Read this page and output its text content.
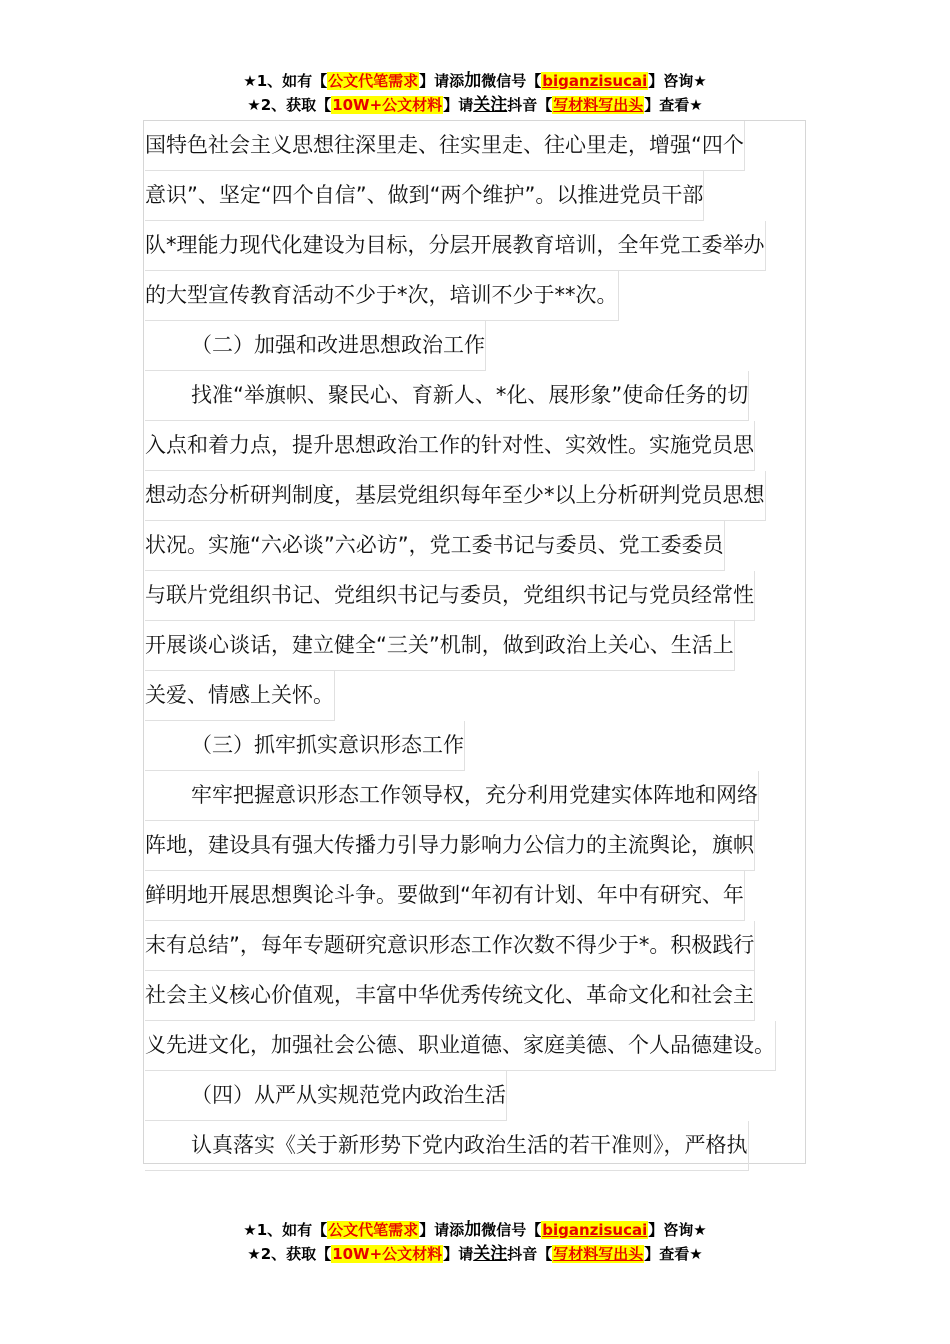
★1、如有【公文代笔需求】请添加微信号【biganzisucai】咨询★
★2、获取【10W+公文材料】请关注抖音【写材料写出头】查看★
国特色社会主义思想往深里走、往实里走、往心里走，增强“四个
意识”、坚定“四个自信”、做到“两个维护”。以推进党员干部
队*理能力现代化建设为目标，分层开展教育培训，全年党工委举办
的大型宣传教育活动不少于*次，培训不少于**次。
（二）加强和改进思想政治工作
找准“举旗帜、聚民心、育新人、*化、展形象”使命任务的切
入点和着力点，提升思想政治工作的针对性、实效性。实施党员思
想动态分析研判制度，基层党组织每年至少*以上分析研判党员思想
状况。实施“六必谈”六必访”，党工委书记与委员、党工委委员
与联片党组织书记、党组织书记与委员，党组织书记与党员经常性
开展谈心谈话，建立健全“三关”机制，做到政治上关心、生活上
关爱、情感上关怀。
（三）抓牢抓实意识形态工作
牢牢把握意识形态工作领导权，充分利用党建实体阵地和网络
阵地，建设具有强大传播力引导力影响力公信力的主流舆论，旗帜
鲜明地开展思想舆论斗争。要做到“年初有计划、年中有研究、年
末有总结”，每年专题研究意识形态工作次数不得少于*。积极践行
社会主义核心价值观，丰富中华优秀传统文化、革命文化和社会主
义先进文化，加强社会公德、职业道德、家庭美德、个人品德建设。
（四）从严从实规范党内政治生活
认真落实《关于新形势下党内政治生活的若干准则》，严格执
★1、如有【公文代笔需求】请添加微信号【biganzisucai】咨询★
★2、获取【10W+公文材料】请关注抖音【写材料写出头】查看★
